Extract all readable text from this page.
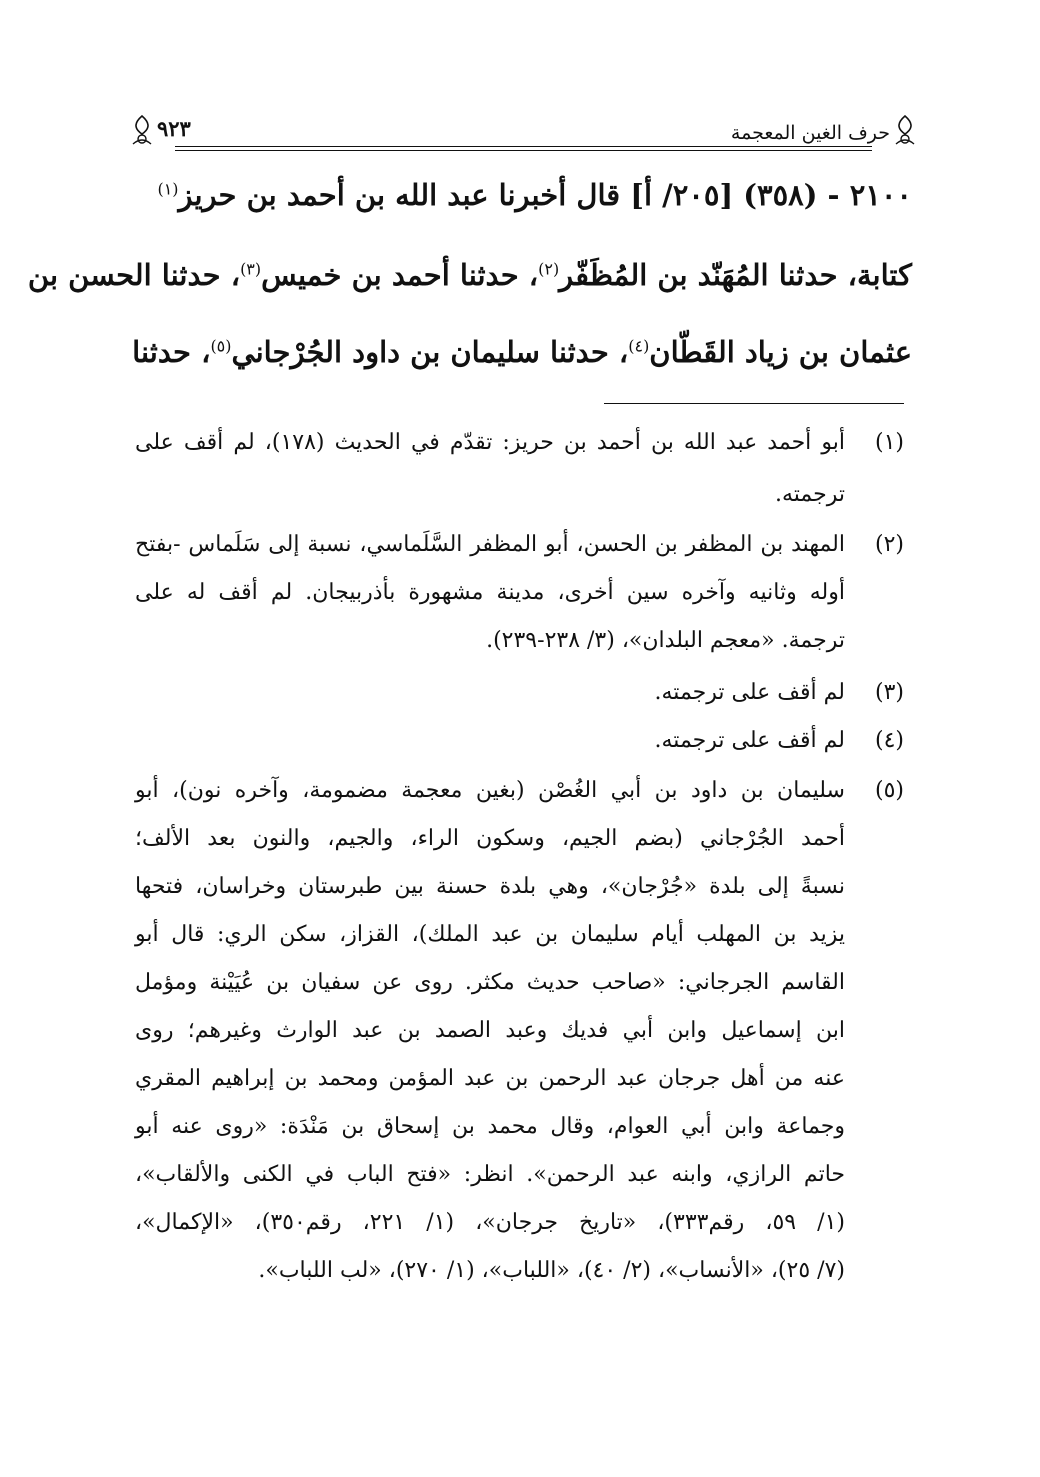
حرف الغين المعجمة
٩٢٣
٢١٠٠ - (٣٥٨) [٢٠٥/ أ] قال أخبرنا عبد الله بن أحمد بن حريز$^{(١)}$
كتابة، حدثنا المُهَنّد بن المُظَفّر$^{(٢)}$، حدثنا أحمد بن خميس$^{(٣)}$، حدثنا الحسن بن
عثمان بن زياد القَطّان$^{(٤)}$، حدثنا سليمان بن داود الجُرْجاني$^{(٥)}$، حدثنا
(١)
أبو أحمد عبد الله بن أحمد بن حريز: تقدّم في الحديث (١٧٨)، لم أقف على
ترجمته.
(٢)
المهند بن المظفر بن الحسن، أبو المظفر السَّلَماسي، نسبة إلى سَلَماس -بفتح
أوله وثانيه وآخره سين أخرى، مدينة مشهورة بأذربيجان. لم أقف له على
ترجمة. «معجم البلدان»، (٣/ ٢٣٨-٢٣٩).
(٣)
لم أقف على ترجمته.
(٤)
لم أقف على ترجمته.
(٥)
سليمان بن داود بن أبي الغُصْن (بغين معجمة مضمومة، وآخره نون)، أبو
أحمد الجُرْجاني (بضم الجيم، وسكون الراء، والجيم، والنون بعد الألف؛
نسبةً إلى بلدة «جُرْجان»، وهي بلدة حسنة بين طبرستان وخراسان، فتحها
يزيد بن المهلب أيام سليمان بن عبد الملك)، القزاز، سكن الري: قال أبو
القاسم الجرجاني: «صاحب حديث مكثر. روى عن سفيان بن عُيَيْنة ومؤمل
ابن إسماعيل وابن أبي فديك وعبد الصمد بن عبد الوارث وغيرهم؛ روى
عنه من أهل جرجان عبد الرحمن بن عبد المؤمن ومحمد بن إبراهيم المقري
وجماعة وابن أبي العوام، وقال محمد بن إسحاق بن مَنْدَة: «روى عنه أبو
حاتم الرازي، وابنه عبد الرحمن». انظر: «فتح الباب في الكنى والألقاب»،
(١/ ٥٩، رقم٣٣٣)، «تاريخ جرجان»، (١/ ٢٢١، رقم٣٥٠)، «الإكمال»،
(٧/ ٢٥)، «الأنساب»، (٢/ ٤٠)، «اللباب»، (١/ ٢٧٠)، «لب اللباب».
